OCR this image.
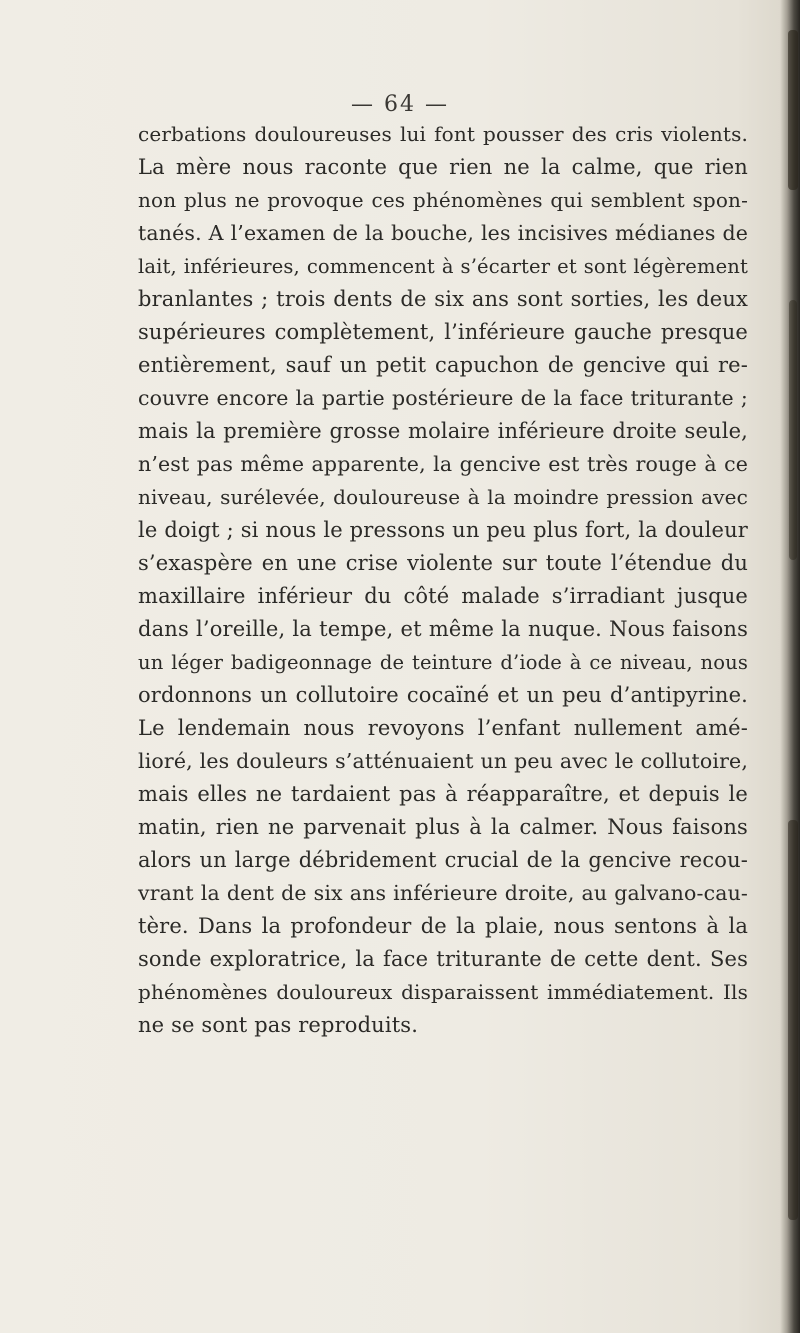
— 64 —
cerbations douloureuses lui font pousser des cris violents.
La mère nous raconte que rien ne la calme, que rien
non plus ne provoque ces phénomènes qui semblent spon-
tanés. A l’examen de la bouche, les incisives médianes de
lait, inférieures, commencent à s’écarter et sont légèrement
branlantes ; trois dents de six ans sont sorties, les deux
supérieures complètement, l’inférieure gauche presque
entièrement, sauf un petit capuchon de gencive qui re-
couvre encore la partie postérieure de la face triturante ;
mais la première grosse molaire inférieure droite seule,
n’est pas même apparente, la gencive est très rouge à ce
niveau, surélevée, douloureuse à la moindre pression avec
le doigt ; si nous le pressons un peu plus fort, la douleur
s’exaspère en une crise violente sur toute l’étendue du
maxillaire inférieur du côté malade s’irradiant jusque
dans l’oreille, la tempe, et même la nuque. Nous faisons
un léger badigeonnage de teinture d’iode à ce niveau, nous
ordonnons un collutoire cocaïné et un peu d’antipyrine.
Le lendemain nous revoyons l’enfant nullement amé-
lioré, les douleurs s’atténuaient un peu avec le collutoire,
mais elles ne tardaient pas à réapparaître, et depuis le
matin, rien ne parvenait plus à la calmer. Nous faisons
alors un large débridement crucial de la gencive recou-
vrant la dent de six ans inférieure droite, au galvano-cau-
tère. Dans la profondeur de la plaie, nous sentons à la
sonde exploratrice, la face triturante de cette dent. Ses
phénomènes douloureux disparaissent immédiatement. Ils
ne se sont pas reproduits.
